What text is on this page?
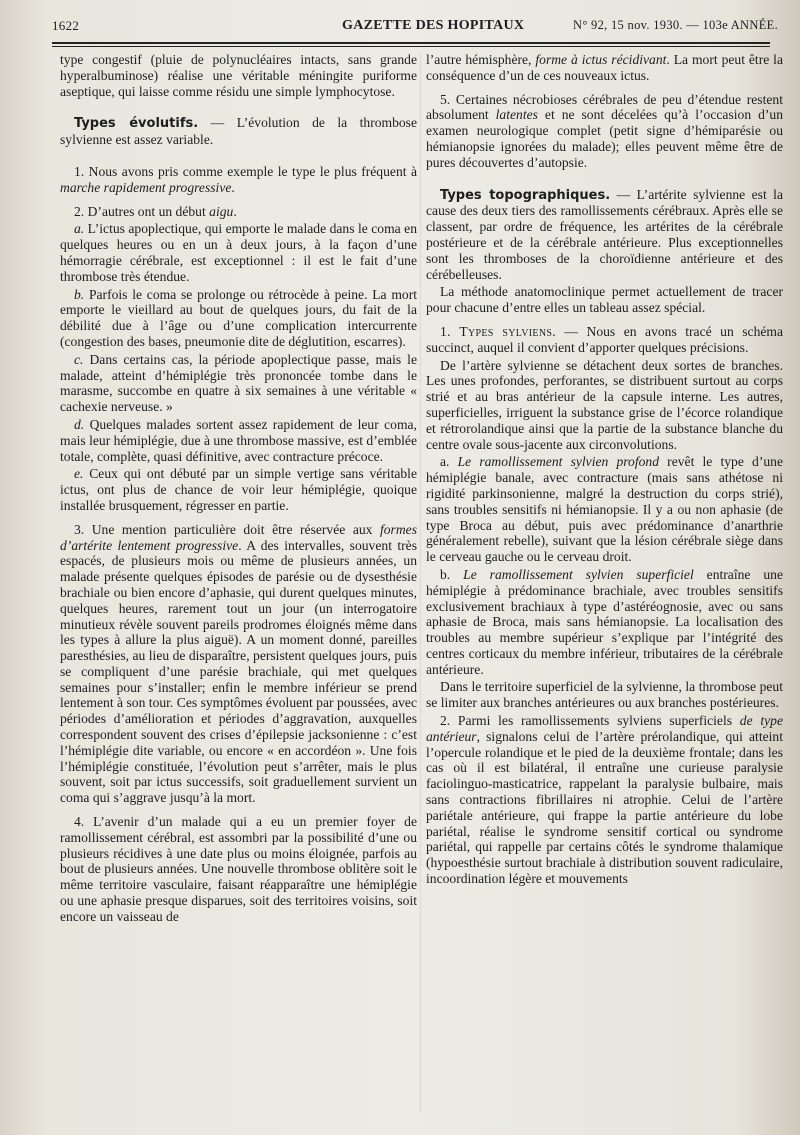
1622	GAZETTE DES HOPITAUX	N° 92, 15 nov. 1930. — 103e ANNÉE.

type congestif (pluie de polynucléaires intacts, sans grande hyperalbuminose) réalise une véritable méningite puriforme aseptique, qui laisse comme résidu une simple lymphocytose.

Types évolutifs. — L’évolution de la thrombose sylvienne est assez variable.

1. Nous avons pris comme exemple le type le plus fréquent à marche rapidement progressive.

2. D’autres ont un début aigu.

a. L’ictus apoplectique, qui emporte le malade dans le coma en quelques heures ou en un à deux jours, à la façon d’une hémorragie cérébrale, est exceptionnel : il est le fait d’une thrombose très étendue.

b. Parfois le coma se prolonge ou rétrocède à peine. La mort emporte le vieillard au bout de quelques jours, du fait de la débilité due à l’âge ou d’une complication intercurrente (congestion des bases, pneumonie dite de déglutition, escarres).

c. Dans certains cas, la période apoplectique passe, mais le malade, atteint d’hémiplégie très prononcée tombe dans le marasme, succombe en quatre à six semaines à une véritable « cachexie nerveuse. »

d. Quelques malades sortent assez rapidement de leur coma, mais leur hémiplégie, due à une thrombose massive, est d’emblée totale, complète, quasi définitive, avec contracture précoce.

e. Ceux qui ont débuté par un simple vertige sans véritable ictus, ont plus de chance de voir leur hémiplégie, quoique installée brusquement, régresser en partie.

3. Une mention particulière doit être réservée aux formes d’artérite lentement progressive. A des intervalles, souvent très espacés, de plusieurs mois ou même de plusieurs années, un malade présente quelques épisodes de parésie ou de dysesthésie brachiale ou bien encore d’aphasie, qui durent quelques minutes, quelques heures, rarement tout un jour (un interrogatoire minutieux révèle souvent pareils prodromes éloignés même dans les types à allure la plus aiguë). A un moment donné, pareilles paresthésies, au lieu de disparaître, persistent quelques jours, puis se compliquent d’une parésie brachiale, qui met quelques semaines pour s’installer; enfin le membre inférieur se prend lentement à son tour. Ces symptômes évoluent par poussées, avec périodes d’amélioration et périodes d’aggravation, auxquelles correspondent souvent des crises d’épilepsie jacksonienne : c’est l’hémiplégie dite variable, ou encore « en accordéon ». Une fois l’hémiplégie constituée, l’évolution peut s’arrêter, mais le plus souvent, soit par ictus successifs, soit graduellement survient un coma qui s’aggrave jusqu’à la mort.

4. L’avenir d’un malade qui a eu un premier foyer de ramollissement cérébral, est assombri par la possibilité d’une ou plusieurs récidives à une date plus ou moins éloignée, parfois au bout de plusieurs années. Une nouvelle thrombose oblitère soit le même territoire vasculaire, faisant réapparaître une hémiplégie ou une aphasie presque disparues, soit des territoires voisins, soit encore un vaisseau de

l’autre hémisphère, forme à ictus récidivant. La mort peut être la conséquence d’un de ces nouveaux ictus.

5. Certaines nécrobioses cérébrales de peu d’étendue restent absolument latentes et ne sont décelées qu’à l’occasion d’un examen neurologique complet (petit signe d’hémiparésie ou hémianopsie ignorées du malade); elles peuvent même être de pures découvertes d’autopsie.

Types topographiques. — L’artérite sylvienne est la cause des deux tiers des ramollissements cérébraux. Après elle se classent, par ordre de fréquence, les artérites de la cérébrale postérieure et de la cérébrale antérieure. Plus exceptionnelles sont les thromboses de la choroïdienne antérieure et des cérébelleuses.

La méthode anatomoclinique permet actuellement de tracer pour chacune d’entre elles un tableau assez spécial.

1. Types sylviens. — Nous en avons tracé un schéma succinct, auquel il convient d’apporter quelques précisions.

De l’artère sylvienne se détachent deux sortes de branches. Les unes profondes, perforantes, se distribuent surtout au corps strié et au bras antérieur de la capsule interne. Les autres, superficielles, irriguent la substance grise de l’écorce rolandique et rétrorolandique ainsi que la partie de la substance blanche du centre ovale sous-jacente aux circonvolutions.

a. Le ramollissement sylvien profond revêt le type d’une hémiplégie banale, avec contracture (mais sans athétose ni rigidité parkinsonienne, malgré la destruction du corps strié), sans troubles sensitifs ni hémianopsie. Il y a ou non aphasie (de type Broca au début, puis avec prédominance d’anarthrie généralement rebelle), suivant que la lésion cérébrale siège dans le cerveau gauche ou le cerveau droit.

b. Le ramollissement sylvien superficiel entraîne une hémiplégie à prédominance brachiale, avec troubles sensitifs exclusivement brachiaux à type d’astéréognosie, avec ou sans aphasie de Broca, mais sans hémianopsie. La localisation des troubles au membre supérieur s’explique par l’intégrité des centres corticaux du membre inférieur, tributaires de la cérébrale antérieure.

Dans le territoire superficiel de la sylvienne, la thrombose peut se limiter aux branches antérieures ou aux branches postérieures.

2. Parmi les ramollissements sylviens superficiels de type antérieur, signalons celui de l’artère prérolandique, qui atteint l’opercule rolandique et le pied de la deuxième frontale; dans les cas où il est bilatéral, il entraîne une curieuse paralysie faciolinguo-masticatrice, rappelant la paralysie bulbaire, mais sans contractions fibrillaires ni atrophie. Celui de l’artère pariétale antérieure, qui frappe la partie antérieure du lobe pariétal, réalise le syndrome sensitif cortical ou syndrome pariétal, qui rappelle par certains côtés le syndrome thalamique (hypoesthésie surtout brachiale à distribution souvent radiculaire, incoordination légère et mouvements
